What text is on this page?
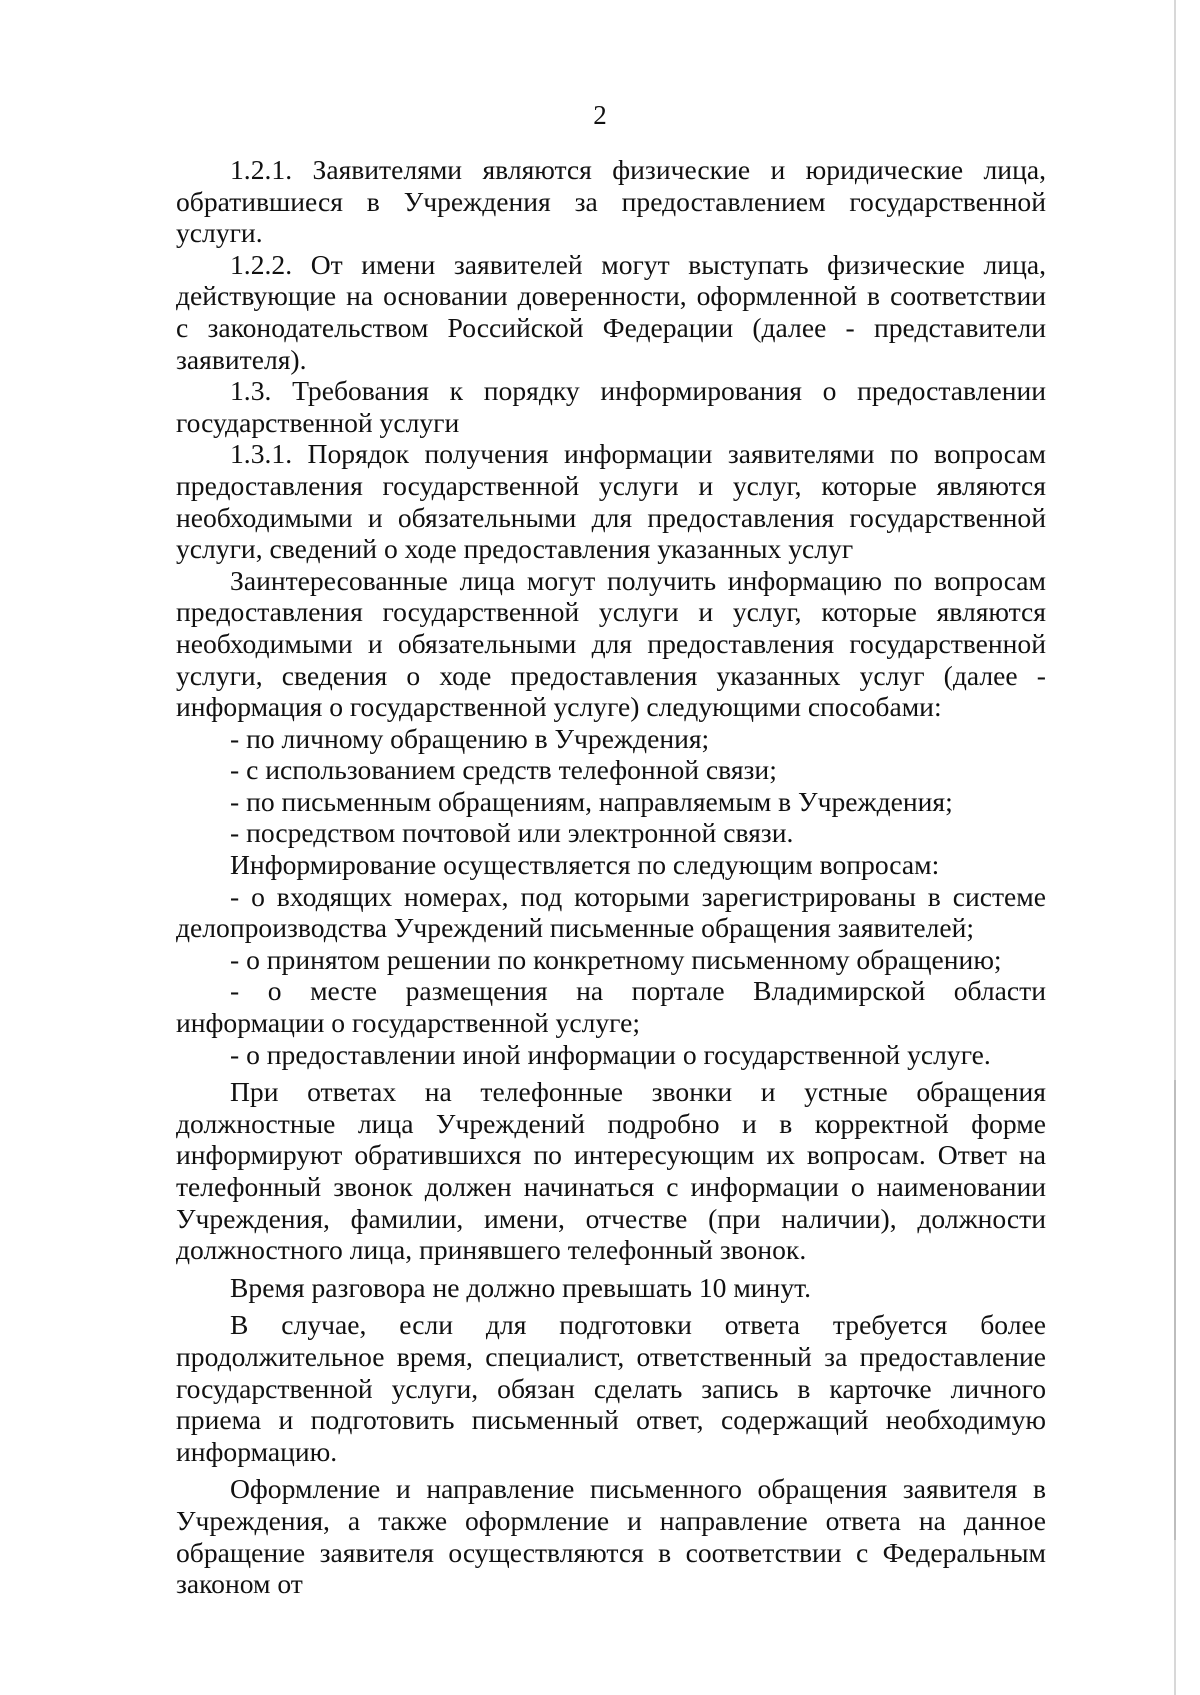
2

1.2.1. Заявителями являются физические и юридические лица, обратившиеся в Учреждения за предоставлением государственной услуги.

1.2.2. От имени заявителей могут выступать физические лица, действующие на основании доверенности, оформленной в соответствии с законодательством Российской Федерации (далее - представители заявителя).

1.3. Требования к порядку информирования о предоставлении государственной услуги

1.3.1. Порядок получения информации заявителями по вопросам предоставления государственной услуги и услуг, которые являются необходимыми и обязательными для предоставления государственной услуги, сведений о ходе предоставления указанных услуг

Заинтересованные лица могут получить информацию по вопросам предоставления государственной услуги и услуг, которые являются необходимыми и обязательными для предоставления государственной услуги, сведения о ходе предоставления указанных услуг (далее - информация о государственной услуге) следующими способами:

- по личному обращению в Учреждения;

- с использованием средств телефонной связи;

- по письменным обращениям, направляемым в Учреждения;

- посредством почтовой или электронной связи.

Информирование осуществляется по следующим вопросам:

- о входящих номерах, под которыми зарегистрированы в системе делопроизводства Учреждений письменные обращения заявителей;

- о принятом решении по конкретному письменному обращению;

- о месте размещения на портале Владимирской области информации о государственной услуге;

- о предоставлении иной информации о государственной услуге.

При ответах на телефонные звонки и устные обращения должностные лица Учреждений подробно и в корректной форме информируют обратившихся по интересующим их вопросам. Ответ на телефонный звонок должен начинаться с информации о наименовании Учреждения, фамилии, имени, отчестве (при наличии), должности должностного лица, принявшего телефонный звонок.

Время разговора не должно превышать 10 минут.

В случае, если для подготовки ответа требуется более продолжительное время, специалист, ответственный за предоставление государственной услуги, обязан сделать запись в карточке личного приема и подготовить письменный ответ, содержащий необходимую информацию.

Оформление и направление письменного обращения заявителя в Учреждения, а также оформление и направление ответа на данное обращение заявителя осуществляются в соответствии с Федеральным законом от
